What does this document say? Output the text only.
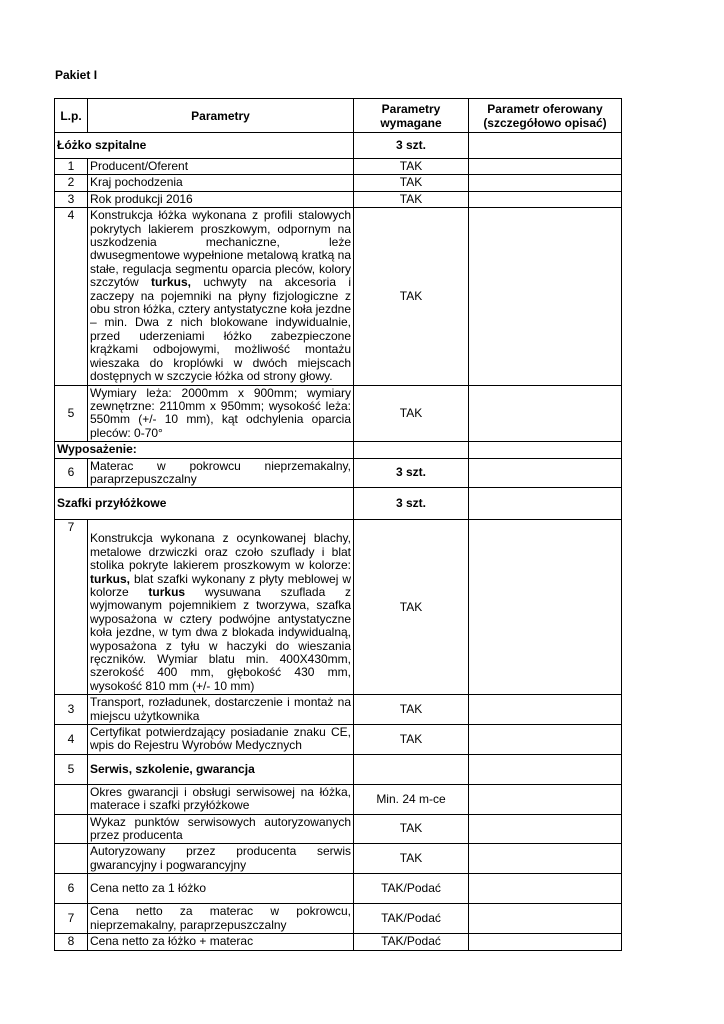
Pakiet I
L.p.	Parametry	Parametry wymagane	Parametr oferowany (szczegółowo opisać)
Łóżko szpitalne		3 szt.	
1	Producent/Oferent	TAK	
2	Kraj pochodzenia	TAK	
3	Rok produkcji 2016	TAK	
4	Konstrukcja łóżka wykonana z profili stalowych pokrytych lakierem proszkowym, odpornym na uszkodzenia mechaniczne, leże dwusegmentowe wypełnione metalową kratką na stałe, regulacja segmentu oparcia pleców, kolory szczytów turkus, uchwyty na akcesoria i zaczepy na pojemniki na płyny fizjologiczne z obu stron łóżka, cztery antystatyczne koła jezdne – min. Dwa z nich blokowane indywidualnie, przed uderzeniami łóżko zabezpieczone krążkami odbojowymi, możliwość montażu wieszaka do kroplówki w dwóch miejscach dostępnych w szczycie łóżka od strony głowy.	TAK	
5	Wymiary leża: 2000mm x 900mm; wymiary zewnętrzne: 2110mm x 950mm; wysokość leża: 550mm (+/- 10 mm), kąt odchylenia oparcia pleców: 0-70°	TAK	
Wyposażenie:			
6	Materac w pokrowcu nieprzemakalny, paraprzepuszczalny	3 szt.	
Szafki przyłóżkowe		3 szt.	
7	Konstrukcja wykonana z ocynkowanej blachy, metalowe drzwiczki oraz czoło szuflady i blat stolika pokryte lakierem proszkowym w kolorze: turkus, blat szafki wykonany z płyty meblowej w kolorze turkus wysuwana szuflada z wyjmowanym pojemnikiem z tworzywa, szafka wyposażona w cztery podwójne antystatyczne koła jezdne, w tym dwa z blokada indywidualną, wyposażona z tyłu w haczyki do wieszania ręczników. Wymiar blatu min. 400X430mm, szerokość 400 mm, głębokość 430 mm, wysokość 810 mm (+/- 10 mm)	TAK	
3	Transport, rozładunek, dostarczenie i montaż na miejscu użytkownika	TAK	
4	Certyfikat potwierdzający posiadanie znaku CE, wpis do Rejestru Wyrobów Medycznych	TAK	
5	Serwis, szkolenie, gwarancja		
	Okres gwarancji i obsługi serwisowej na łóżka, materace i szafki przyłóżkowe	Min. 24 m-ce	
	Wykaz punktów serwisowych autoryzowanych przez producenta	TAK	
	Autoryzowany przez producenta serwis gwarancyjny i pogwarancyjny	TAK	
6	Cena netto za 1 łóżko	TAK/Podać	
7	Cena netto za materac w pokrowcu, nieprzemakalny, paraprzepuszczalny	TAK/Podać	
8	Cena netto za łóżko + materac	TAK/Podać	
